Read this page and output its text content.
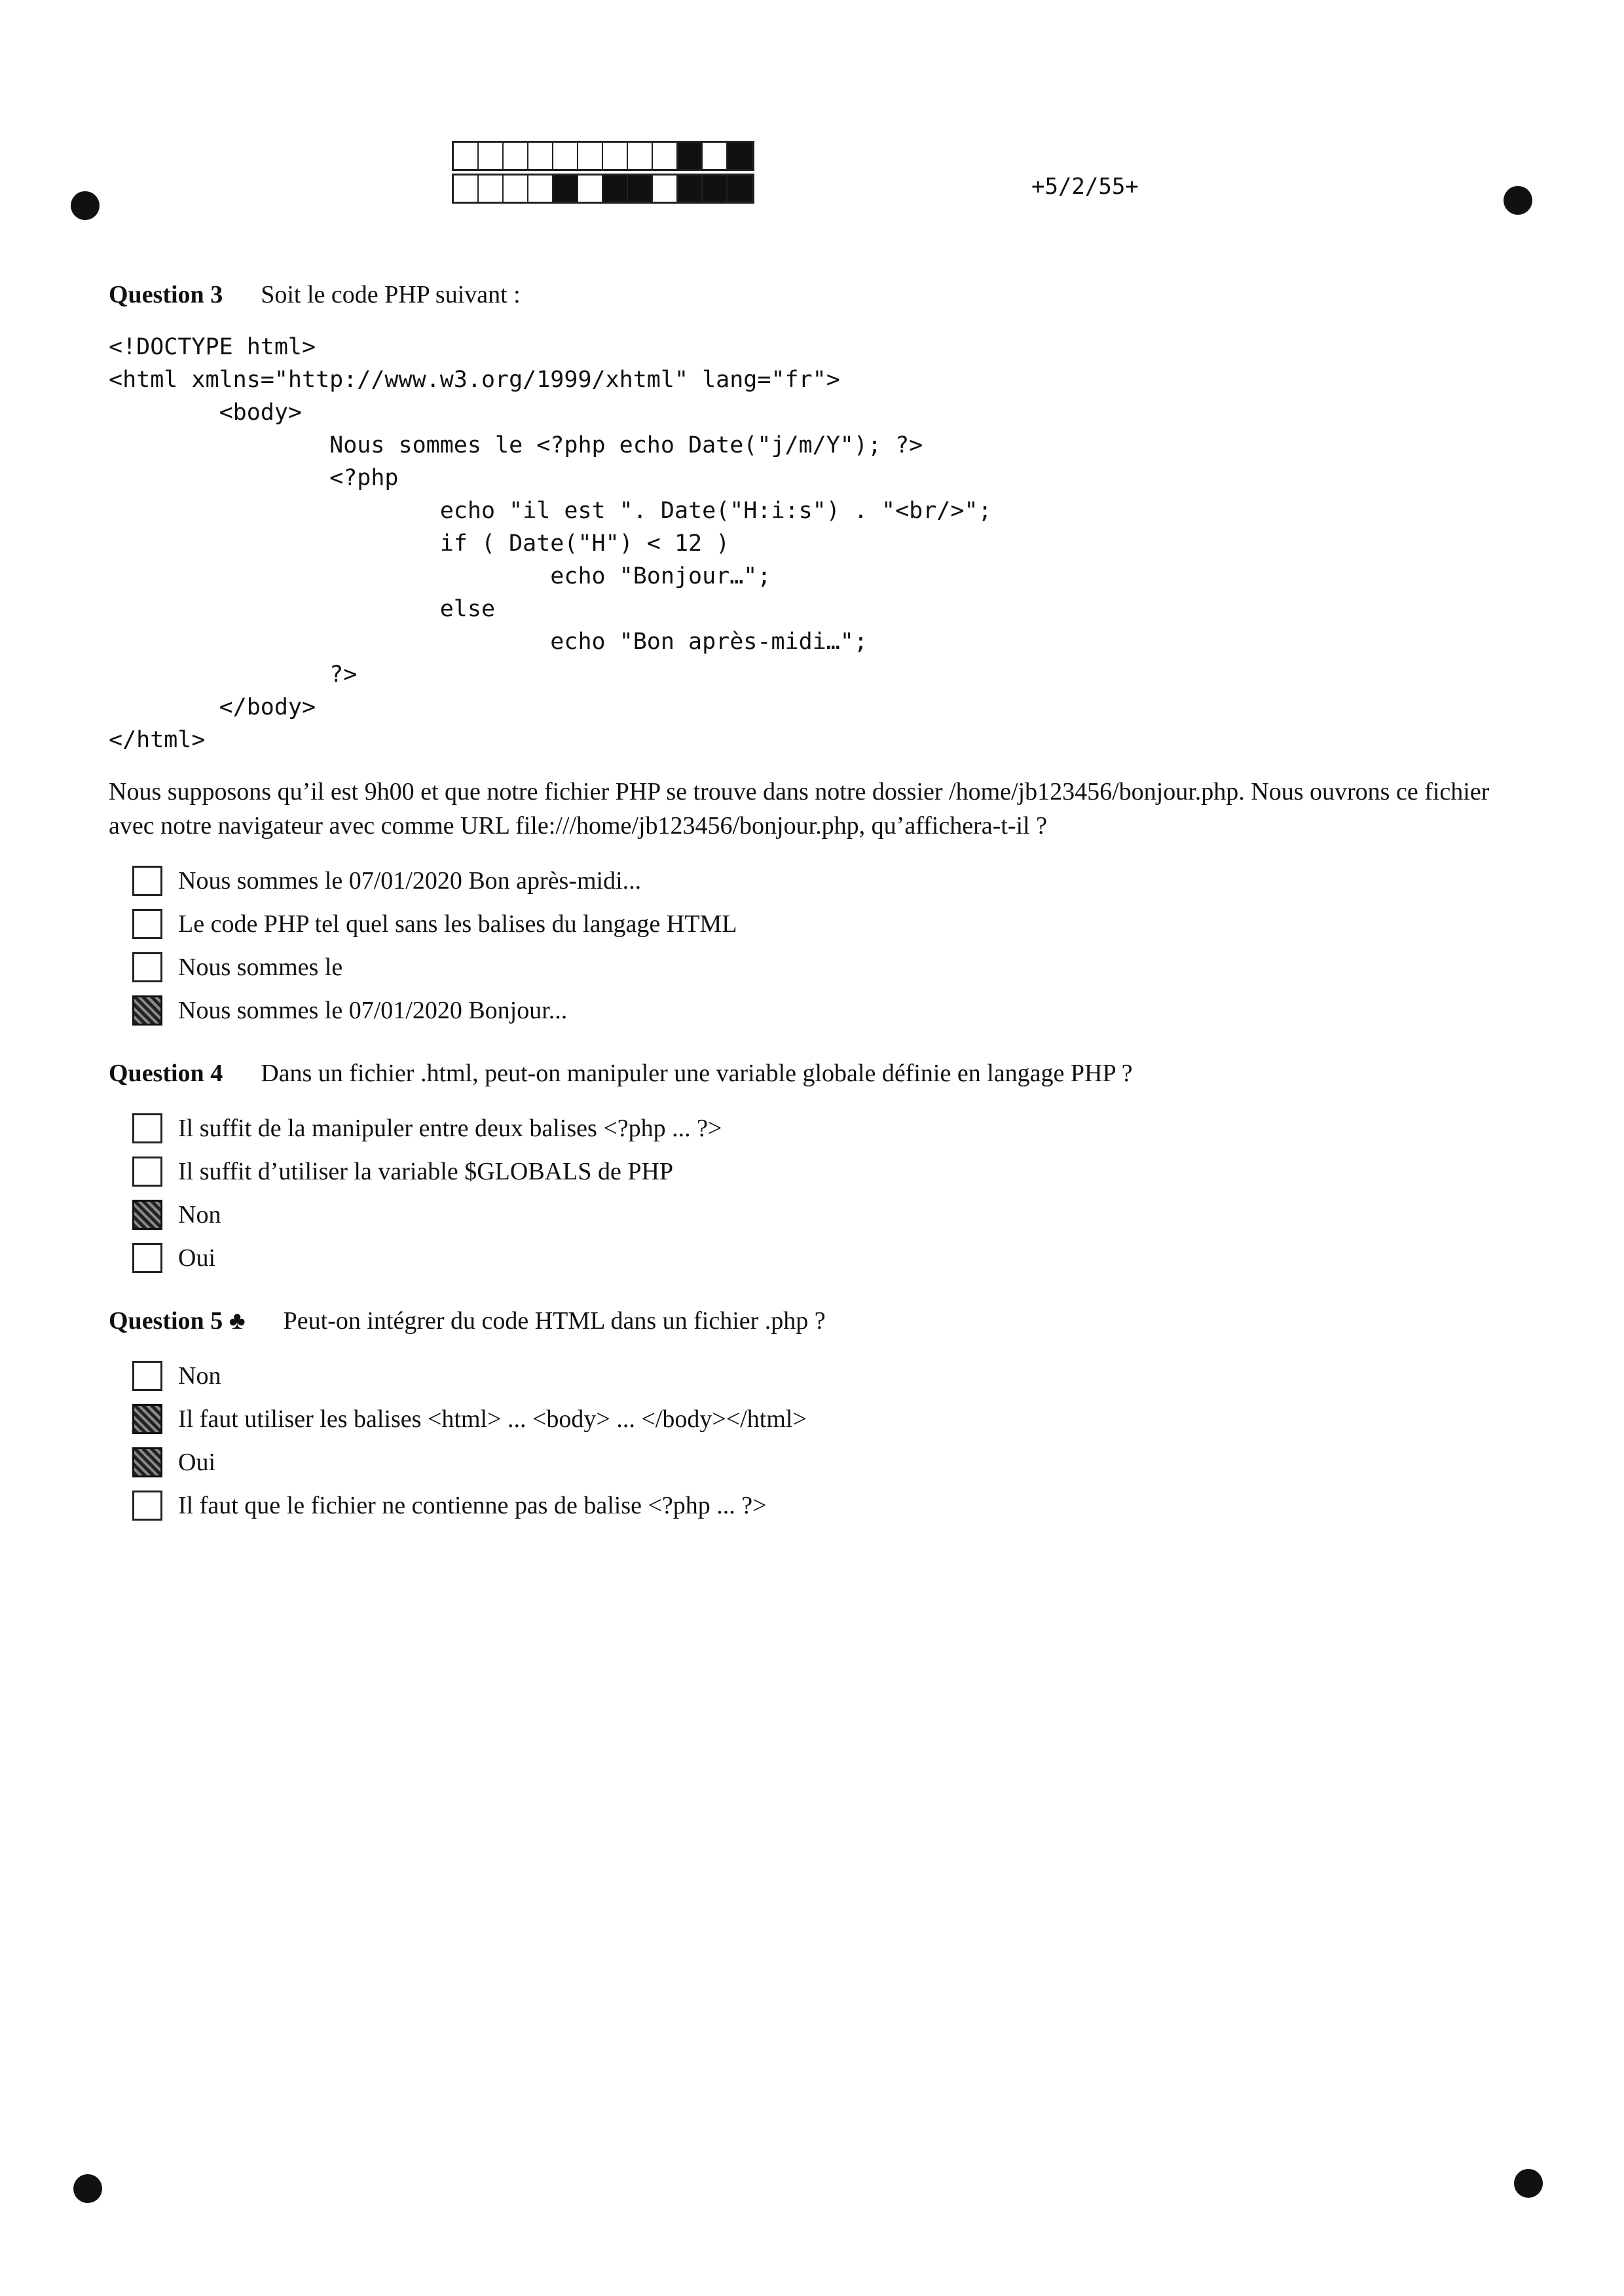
+5/2/55+
Question 3 Soit le code PHP suivant :
<!DOCTYPE html>
<html xmlns="http://www.w3.org/1999/xhtml" lang="fr">
<body>
Nous sommes le <?php echo Date("j/m/Y"); ?>
<?php
echo "il est ". Date("H:i:s") . "<br/>";
if ( Date("H") < 12 )
echo "Bonjour…";
else
echo "Bon après-midi…";
?>
</body>
</html>
Nous supposons qu’il est 9h00 et que notre fichier PHP se trouve dans notre dossier /home/jb123456/bonjour.php. Nous ouvrons ce fichier avec notre navigateur avec comme URL file:///home/jb123456/bonjour.php, qu’affichera-t-il ?
Nous sommes le 07/01/2020 Bon après-midi...
Le code PHP tel quel sans les balises du langage HTML
Nous sommes le
Nous sommes le 07/01/2020 Bonjour...
Question 4 Dans un fichier .html, peut-on manipuler une variable globale définie en langage PHP ?
Il suffit de la manipuler entre deux balises <?php ... ?>
Il suffit d’utiliser la variable $GLOBALS de PHP
Non
Oui
Question 5 ♣ Peut-on intégrer du code HTML dans un fichier .php ?
Non
Il faut utiliser les balises <html> ... <body> ... </body></html>
Oui
Il faut que le fichier ne contienne pas de balise <?php ... ?>
